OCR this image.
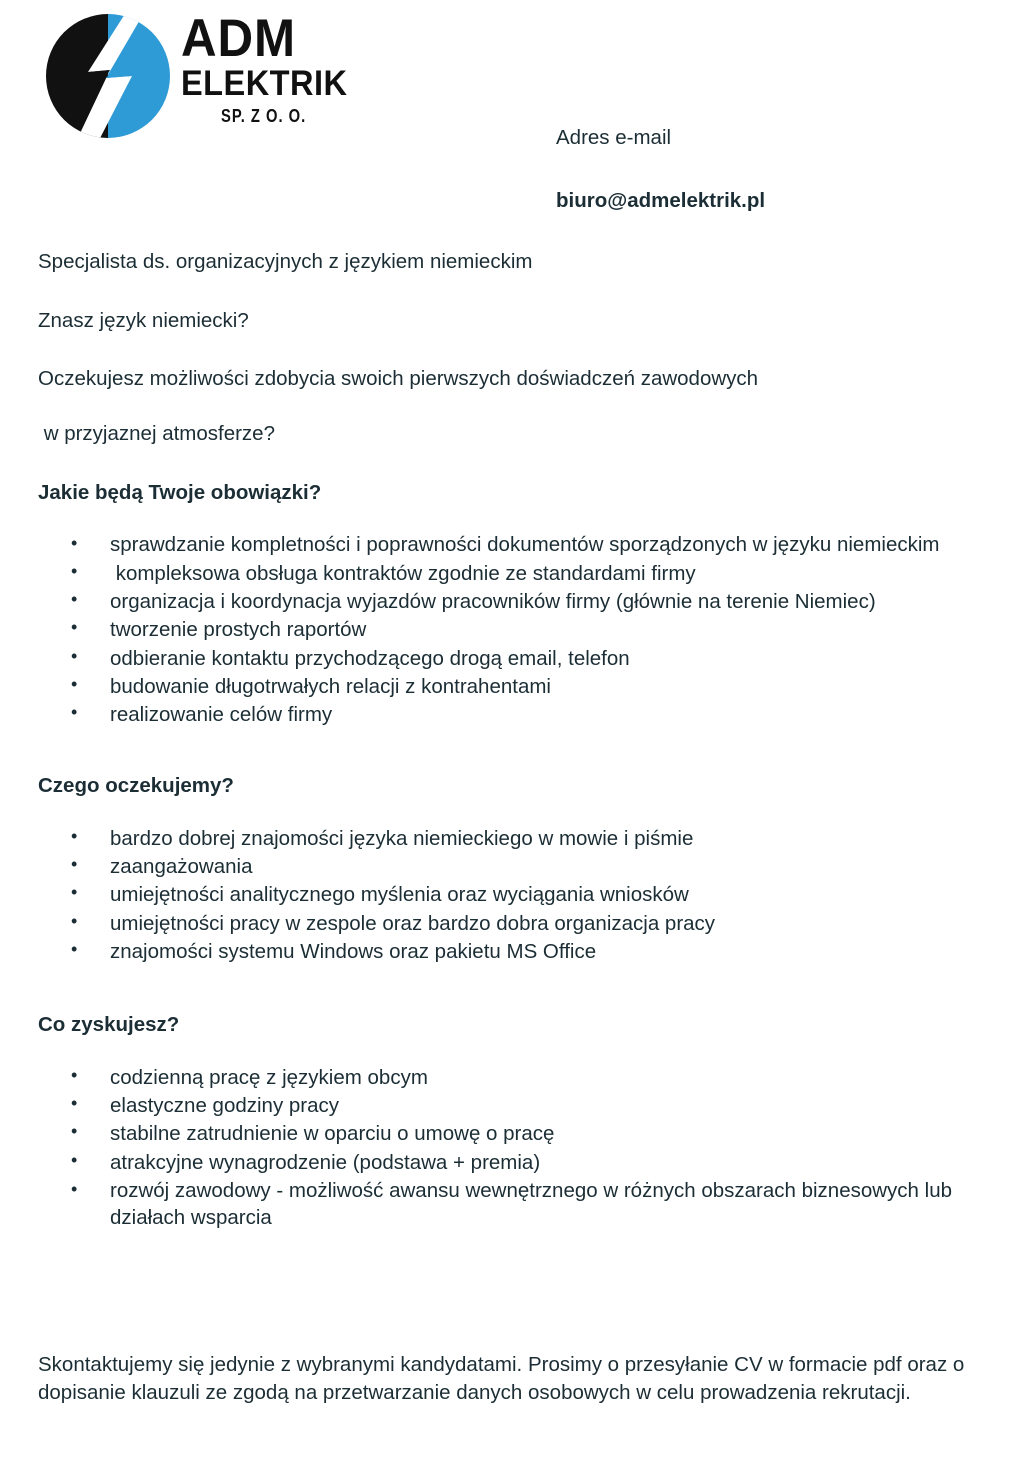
ADM
ELEKTRIK
SP. Z O. O.
Adres e-mail
biuro@admelektrik.pl

Specjalista ds. organizacyjnych z językiem niemieckim

Znasz język niemiecki?

Oczekujesz możliwości zdobycia swoich pierwszych doświadczeń zawodowych

w przyjaznej atmosferze?

Jakie będą Twoje obowiązki?
• sprawdzanie kompletności i poprawności dokumentów sporządzonych w języku niemieckim
•  kompleksowa obsługa kontraktów zgodnie ze standardami firmy
• organizacja i koordynacja wyjazdów pracowników firmy (głównie na terenie Niemiec)
• tworzenie prostych raportów
• odbieranie kontaktu przychodzącego drogą email, telefon
• budowanie długotrwałych relacji z kontrahentami
• realizowanie celów firmy
Czego oczekujemy?
• bardzo dobrej znajomości języka niemieckiego w mowie i piśmie
• zaangażowania
• umiejętności analitycznego myślenia oraz wyciągania wniosków
• umiejętności pracy w zespole oraz bardzo dobra organizacja pracy
• znajomości systemu Windows oraz pakietu MS Office
Co zyskujesz?
• codzienną pracę z językiem obcym
• elastyczne godziny pracy
• stabilne zatrudnienie w oparciu o umowę o pracę
• atrakcyjne wynagrodzenie (podstawa + premia)
• rozwój zawodowy - możliwość awansu wewnętrznego w różnych obszarach biznesowych lub działach wsparcia
Skontaktujemy się jedynie z wybranymi kandydatami. Prosimy o przesyłanie CV w formacie pdf oraz o dopisanie klauzuli ze zgodą na przetwarzanie danych osobowych w celu prowadzenia rekrutacji.
